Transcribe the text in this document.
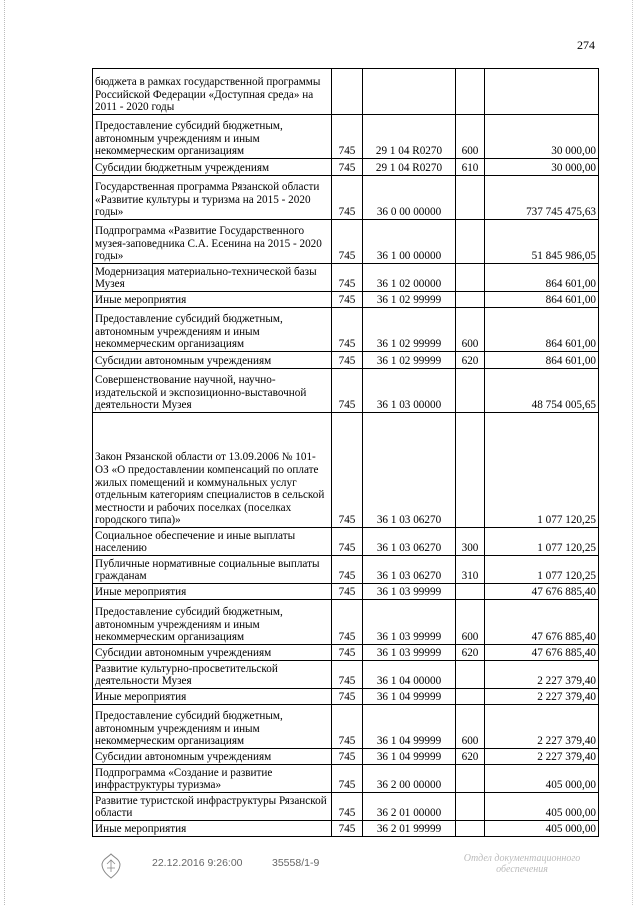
274
бюджета в рамках государственной программы Российской Федерации «Доступная среда» на 2011 - 2020 годы				
Предоставление субсидий бюджетным, автономным учреждениям и иным некоммерческим организациям	745	29 1 04 R0270	600	30 000,00
Субсидии бюджетным учреждениям	745	29 1 04 R0270	610	30 000,00
Государственная программа Рязанской области «Развитие культуры и туризма на 2015 - 2020 годы»	745	36 0 00 00000		737 745 475,63
Подпрограмма «Развитие Государственного музея-заповедника С.А. Есенина на 2015 - 2020 годы»	745	36 1 00 00000		51 845 986,05
Модернизация материально-технической базы Музея	745	36 1 02 00000		864 601,00
Иные мероприятия	745	36 1 02 99999		864 601,00
Предоставление субсидий бюджетным, автономным учреждениям и иным некоммерческим организациям	745	36 1 02 99999	600	864 601,00
Субсидии автономным учреждениям	745	36 1 02 99999	620	864 601,00
Совершенствование научной, научно-издательской и экспозиционно-выставочной деятельности Музея	745	36 1 03 00000		48 754 005,65
Закон Рязанской области от 13.09.2006 № 101-ОЗ «О предоставлении компенсаций по оплате жилых помещений и коммунальных услуг отдельным категориям специалистов в сельской местности и рабочих поселках (поселках городского типа)»	745	36 1 03 06270		1 077 120,25
Социальное обеспечение и иные выплаты населению	745	36 1 03 06270	300	1 077 120,25
Публичные нормативные социальные выплаты гражданам	745	36 1 03 06270	310	1 077 120,25
Иные мероприятия	745	36 1 03 99999		47 676 885,40
Предоставление субсидий бюджетным, автономным учреждениям и иным некоммерческим организациям	745	36 1 03 99999	600	47 676 885,40
Субсидии автономным учреждениям	745	36 1 03 99999	620	47 676 885,40
Развитие культурно-просветительской деятельности Музея	745	36 1 04 00000		2 227 379,40
Иные мероприятия	745	36 1 04 99999		2 227 379,40
Предоставление субсидий бюджетным, автономным учреждениям и иным некоммерческим организациям	745	36 1 04 99999	600	2 227 379,40
Субсидии автономным учреждениям	745	36 1 04 99999	620	2 227 379,40
Подпрограмма «Создание и развитие инфраструктуры туризма»	745	36 2 00 00000		405 000,00
Развитие туристской инфраструктуры Рязанской области	745	36 2 01 00000		405 000,00
Иные мероприятия	745	36 2 01 99999		405 000,00
22.12.2016 9:26:00	35558/1-9	Отдел документационного обеспечения
